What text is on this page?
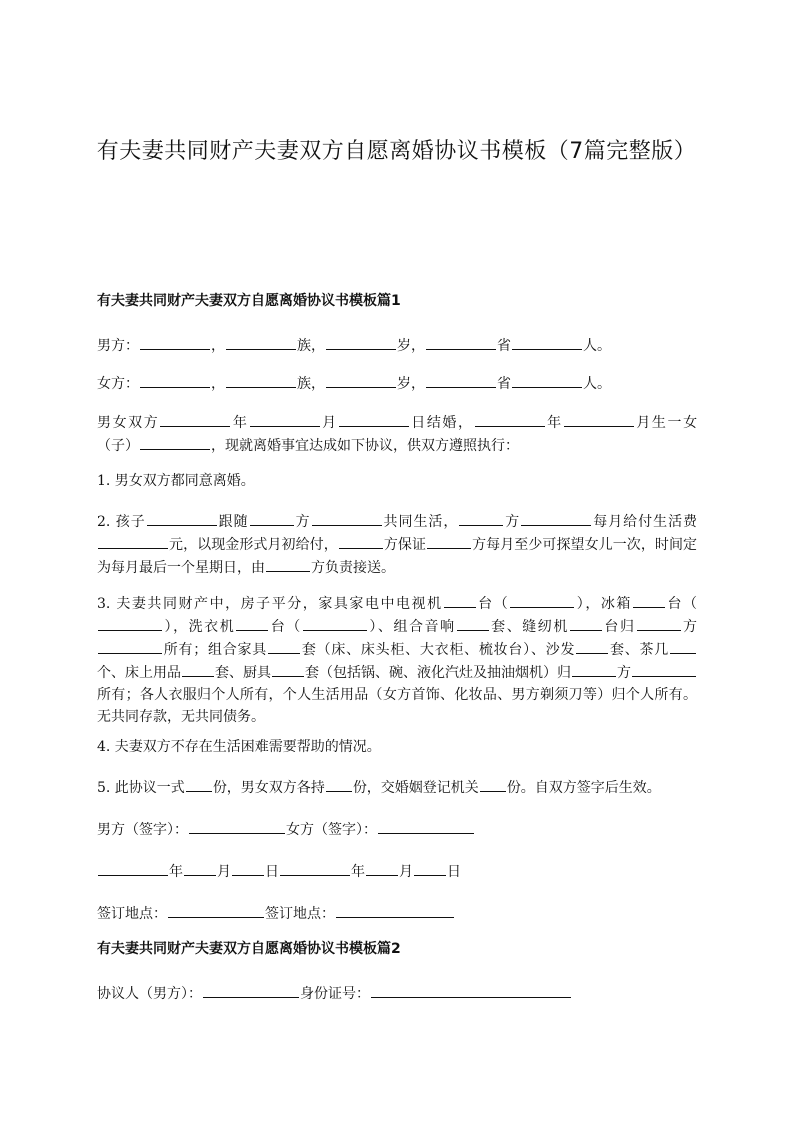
有夫妻共同财产夫妻双方自愿离婚协议书模板（7篇完整版）
有夫妻共同财产夫妻双方自愿离婚协议书模板篇1
男方：	，	族，	岁，	省	人。
女方：	，	族，	岁，	省	人。
男女双方	年	月	日结婚，	年	月生一女（子）	，现就离婚事宜达成如下协议，供双方遵照执行：
1. 男女双方都同意离婚。
2. 孩子	跟随	方	共同生活，	方	每月给付生活费元，以现金形式月初给付，	方保证	方每月至少可探望女儿一次，时间定为每月最后一个星期日，由	方负责接送。
3. 夫妻共同财产中，房子平分，家具家电中电视机 台（	），冰箱 台（），洗衣机 台（	）、组合音响 套、缝纫机 台归	方所有；组合家具 套（床、床头柜、大衣柜、梳妆台）、沙发 套、茶几个、床上用品 套、厨具 套（包括锅、碗、液化汽灶及抽油烟机）归	方所有；各人衣服归个人所有，个人生活用品（女方首饰、化妆品、男方剃须刀等）归个人所有。无共同存款，无共同债务。
4. 夫妻双方不存在生活困难需要帮助的情况。
5. 此协议一式 份，男女双方各持 份，交婚姻登记机关 份。自双方签字后生效。
男方（签字）：	女方（签字）：
年 月 日	年 月 日
签订地点：	签订地点：
有夫妻共同财产夫妻双方自愿离婚协议书模板篇2
协议人（男方）：	身份证号：
